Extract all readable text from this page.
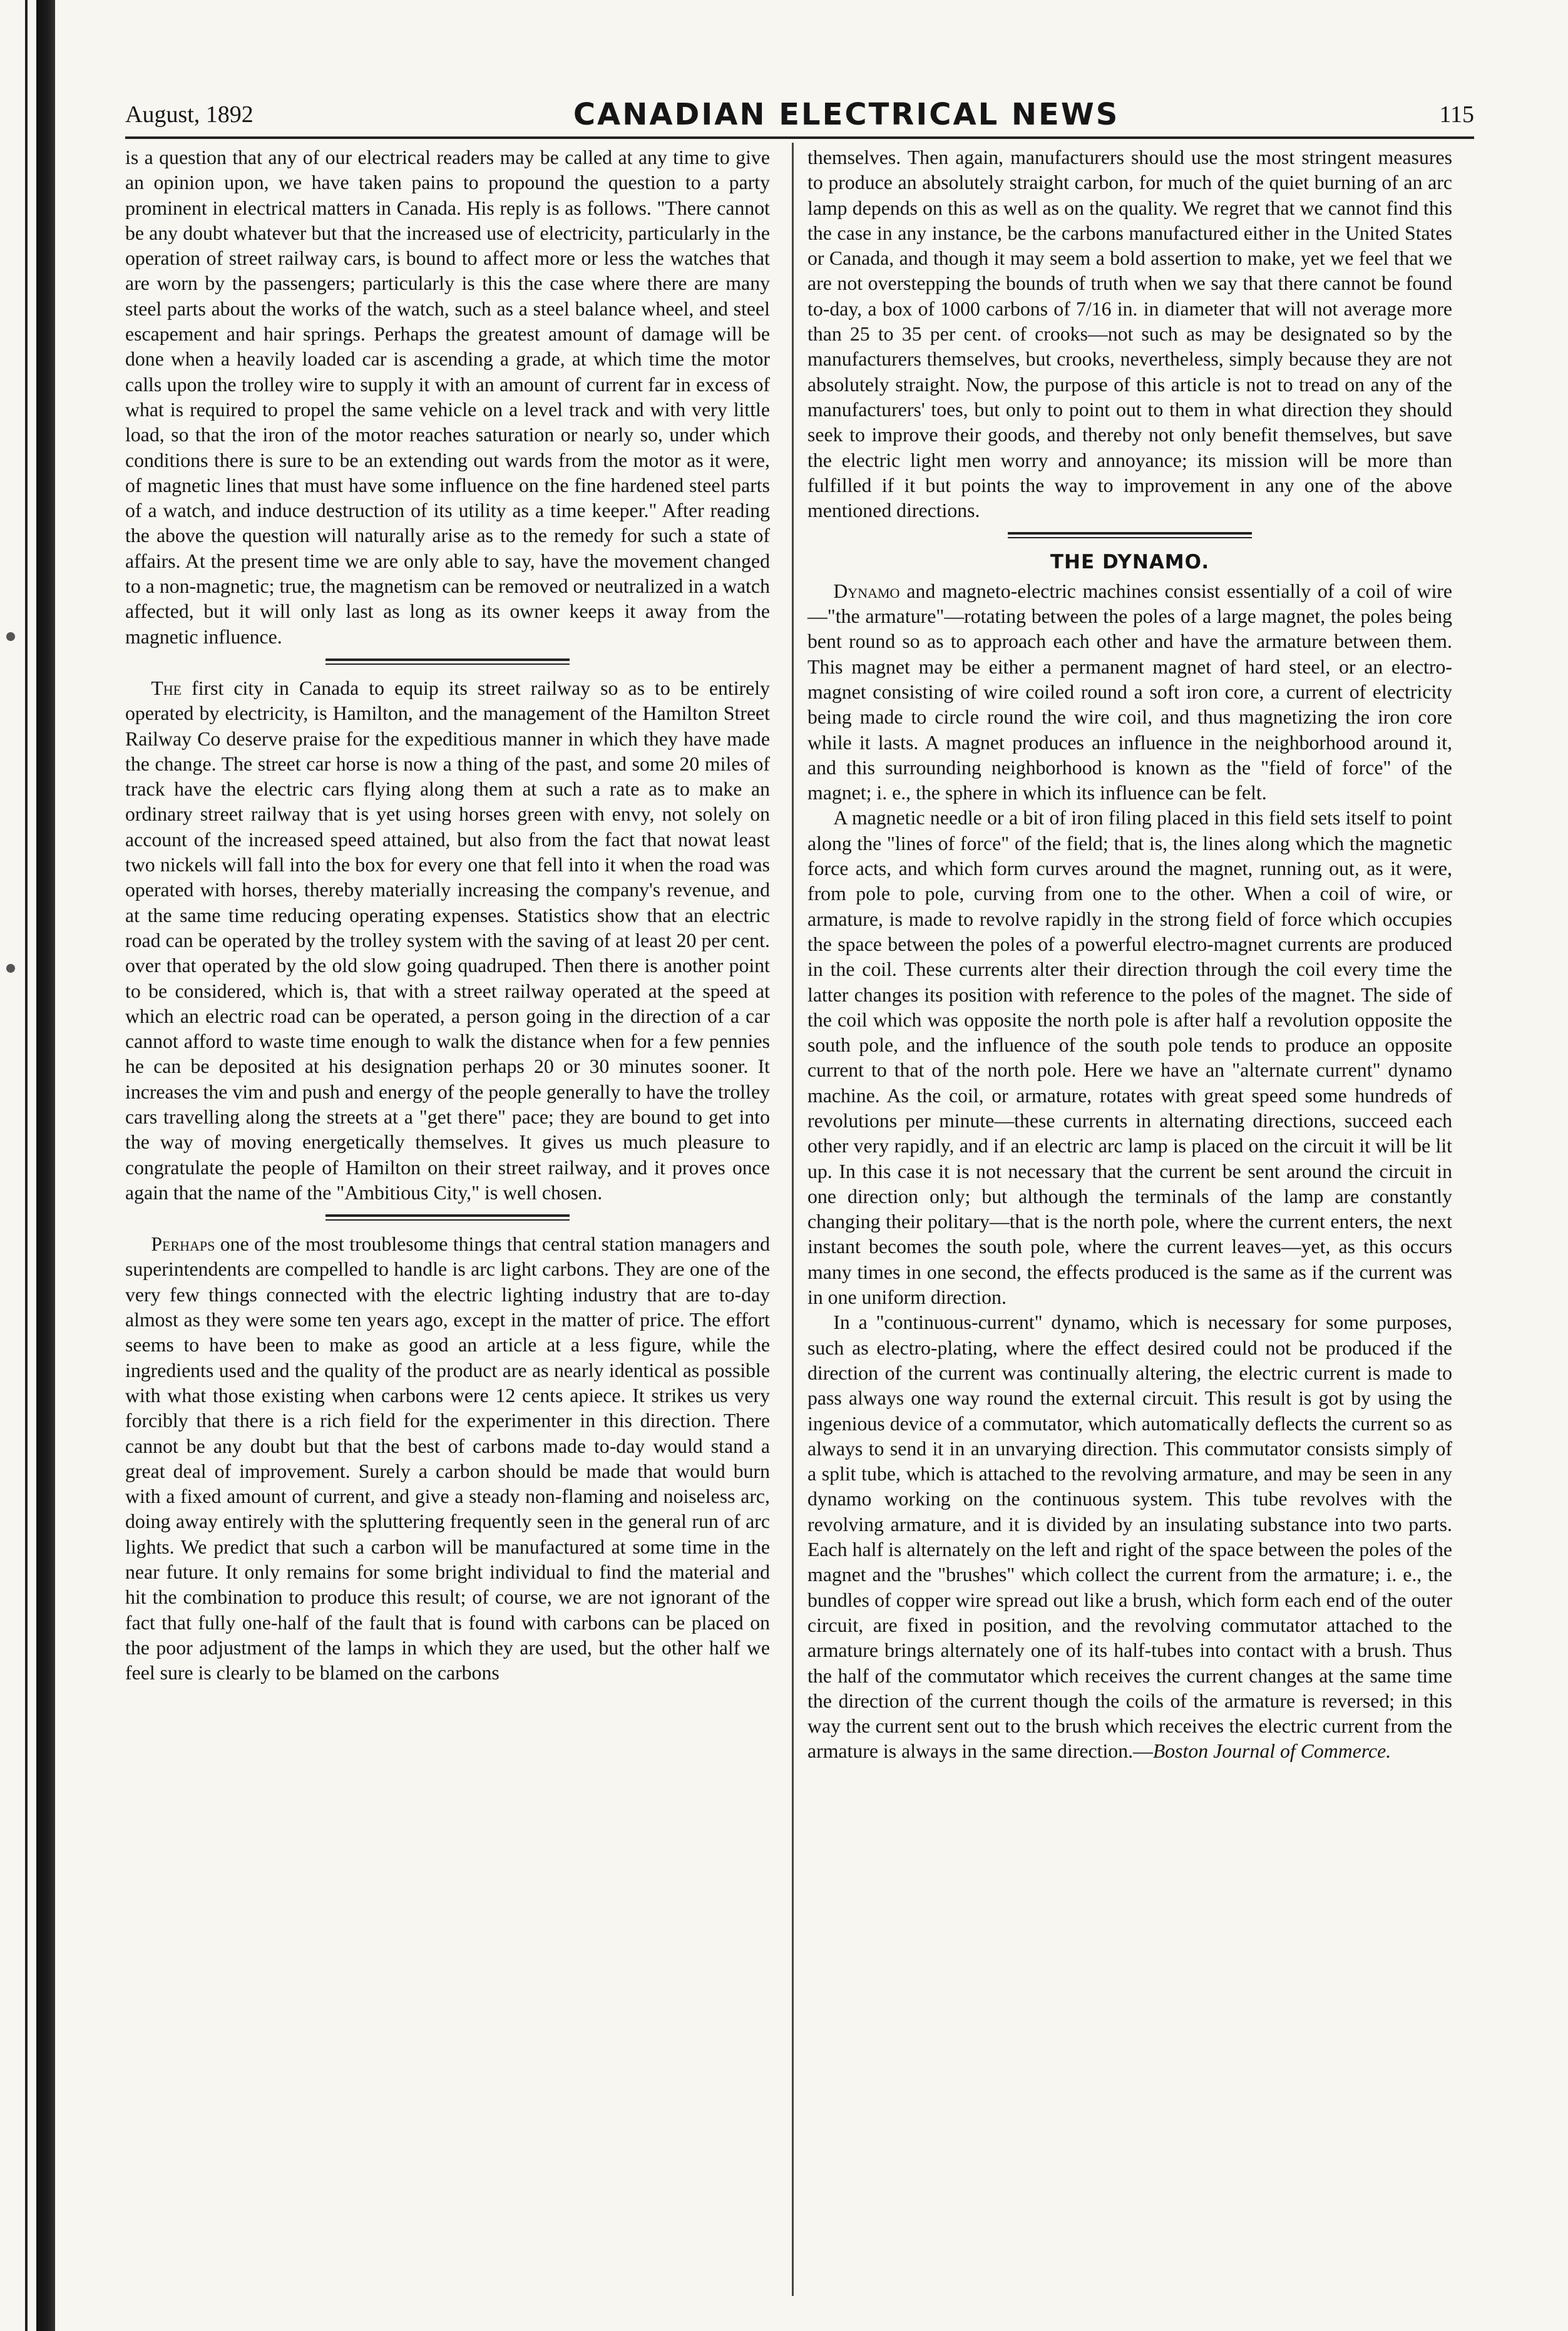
August, 1892	CANADIAN ELECTRICAL NEWS	115

is a question that any of our electrical readers may be called at any time to give an opinion upon, we have taken pains to propound the question to a party prominent in electrical matters in Canada. His reply is as follows. "There cannot be any doubt whatever but that the increased use of electricity, particularly in the operation of street railway cars, is bound to affect more or less the watches that are worn by the passengers; particularly is this the case where there are many steel parts about the works of the watch, such as a steel balance wheel, and steel escapement and hair springs. Perhaps the greatest amount of damage will be done when a heavily loaded car is ascending a grade, at which time the motor calls upon the trolley wire to supply it with an amount of current far in excess of what is required to propel the same vehicle on a level track and with very little load, so that the iron of the motor reaches saturation or nearly so, under which conditions there is sure to be an extending out wards from the motor as it were, of magnetic lines that must have some influence on the fine hardened steel parts of a watch, and induce destruction of its utility as a time keeper." After reading the above the question will naturally arise as to the remedy for such a state of affairs. At the present time we are only able to say, have the movement changed to a non-magnetic; true, the magnetism can be removed or neutralized in a watch affected, but it will only last as long as its owner keeps it away from the magnetic influence.

The first city in Canada to equip its street railway so as to be entirely operated by electricity, is Hamilton, and the management of the Hamilton Street Railway Co deserve praise for the expeditious manner in which they have made the change. The street car horse is now a thing of the past, and some 20 miles of track have the electric cars flying along them at such a rate as to make an ordinary street railway that is yet using horses green with envy, not solely on account of the increased speed attained, but also from the fact that nowat least two nickels will fall into the box for every one that fell into it when the road was operated with horses, thereby materially increasing the company's revenue, and at the same time reducing operating expenses. Statistics show that an electric road can be operated by the trolley system with the saving of at least 20 per cent. over that operated by the old slow going quadruped. Then there is another point to be considered, which is, that with a street railway operated at the speed at which an electric road can be operated, a person going in the direction of a car cannot afford to waste time enough to walk the distance when for a few pennies he can be deposited at his designation perhaps 20 or 30 minutes sooner. It increases the vim and push and energy of the people generally to have the trolley cars travelling along the streets at a "get there" pace; they are bound to get into the way of moving energetically themselves. It gives us much pleasure to congratulate the people of Hamilton on their street railway, and it proves once again that the name of the "Ambitious City," is well chosen.

Perhaps one of the most troublesome things that central station managers and superintendents are compelled to handle is arc light carbons. They are one of the very few things connected with the electric lighting industry that are to-day almost as they were some ten years ago, except in the matter of price. The effort seems to have been to make as good an article at a less figure, while the ingredients used and the quality of the product are as nearly identical as possible with what those existing when carbons were 12 cents apiece. It strikes us very forcibly that there is a rich field for the experimenter in this direction. There cannot be any doubt but that the best of carbons made to-day would stand a great deal of improvement. Surely a carbon should be made that would burn with a fixed amount of current, and give a steady non-flaming and noiseless arc, doing away entirely with the spluttering frequently seen in the general run of arc lights. We predict that such a carbon will be manufactured at some time in the near future. It only remains for some bright individual to find the material and hit the combination to produce this result; of course, we are not ignorant of the fact that fully one-half of the fault that is found with carbons can be placed on the poor adjustment of the lamps in which they are used, but the other half we feel sure is clearly to be blamed on the carbons

themselves. Then again, manufacturers should use the most stringent measures to produce an absolutely straight carbon, for much of the quiet burning of an arc lamp depends on this as well as on the quality. We regret that we cannot find this the case in any instance, be the carbons manufactured either in the United States or Canada, and though it may seem a bold assertion to make, yet we feel that we are not overstepping the bounds of truth when we say that there cannot be found to-day, a box of 1000 carbons of 7/16 in. in diameter that will not average more than 25 to 35 per cent. of crooks—not such as may be designated so by the manufacturers themselves, but crooks, nevertheless, simply because they are not absolutely straight. Now, the purpose of this article is not to tread on any of the manufacturers' toes, but only to point out to them in what direction they should seek to improve their goods, and thereby not only benefit themselves, but save the electric light men worry and annoyance; its mission will be more than fulfilled if it but points the way to improvement in any one of the above mentioned directions.

THE DYNAMO.

Dynamo and magneto-electric machines consist essentially of a coil of wire—"the armature"—rotating between the poles of a large magnet, the poles being bent round so as to approach each other and have the armature between them. This magnet may be either a permanent magnet of hard steel, or an electro-magnet consisting of wire coiled round a soft iron core, a current of electricity being made to circle round the wire coil, and thus magnetizing the iron core while it lasts. A magnet produces an influence in the neighborhood around it, and this surrounding neighborhood is known as the "field of force" of the magnet; i. e., the sphere in which its influence can be felt.

A magnetic needle or a bit of iron filing placed in this field sets itself to point along the "lines of force" of the field; that is, the lines along which the magnetic force acts, and which form curves around the magnet, running out, as it were, from pole to pole, curving from one to the other. When a coil of wire, or armature, is made to revolve rapidly in the strong field of force which occupies the space between the poles of a powerful electro-magnet currents are produced in the coil. These currents alter their direction through the coil every time the latter changes its position with reference to the poles of the magnet. The side of the coil which was opposite the north pole is after half a revolution opposite the south pole, and the influence of the south pole tends to produce an opposite current to that of the north pole. Here we have an "alternate current" dynamo machine. As the coil, or armature, rotates with great speed some hundreds of revolutions per minute—these currents in alternating directions, succeed each other very rapidly, and if an electric arc lamp is placed on the circuit it will be lit up. In this case it is not necessary that the current be sent around the circuit in one direction only; but although the terminals of the lamp are constantly changing their politary—that is the north pole, where the current enters, the next instant becomes the south pole, where the current leaves—yet, as this occurs many times in one second, the effects produced is the same as if the current was in one uniform direction.

In a "continuous-current" dynamo, which is necessary for some purposes, such as electro-plating, where the effect desired could not be produced if the direction of the current was continually altering, the electric current is made to pass always one way round the external circuit. This result is got by using the ingenious device of a commutator, which automatically deflects the current so as always to send it in an unvarying direction. This commutator consists simply of a split tube, which is attached to the revolving armature, and may be seen in any dynamo working on the continuous system. This tube revolves with the revolving armature, and it is divided by an insulating substance into two parts. Each half is alternately on the left and right of the space between the poles of the magnet and the "brushes" which collect the current from the armature; i. e., the bundles of copper wire spread out like a brush, which form each end of the outer circuit, are fixed in position, and the revolving commutator attached to the armature brings alternately one of its half-tubes into contact with a brush. Thus the half of the commutator which receives the current changes at the same time the direction of the current though the coils of the armature is reversed; in this way the current sent out to the brush which receives the electric current from the armature is always in the same direction.—Boston Journal of Commerce.
